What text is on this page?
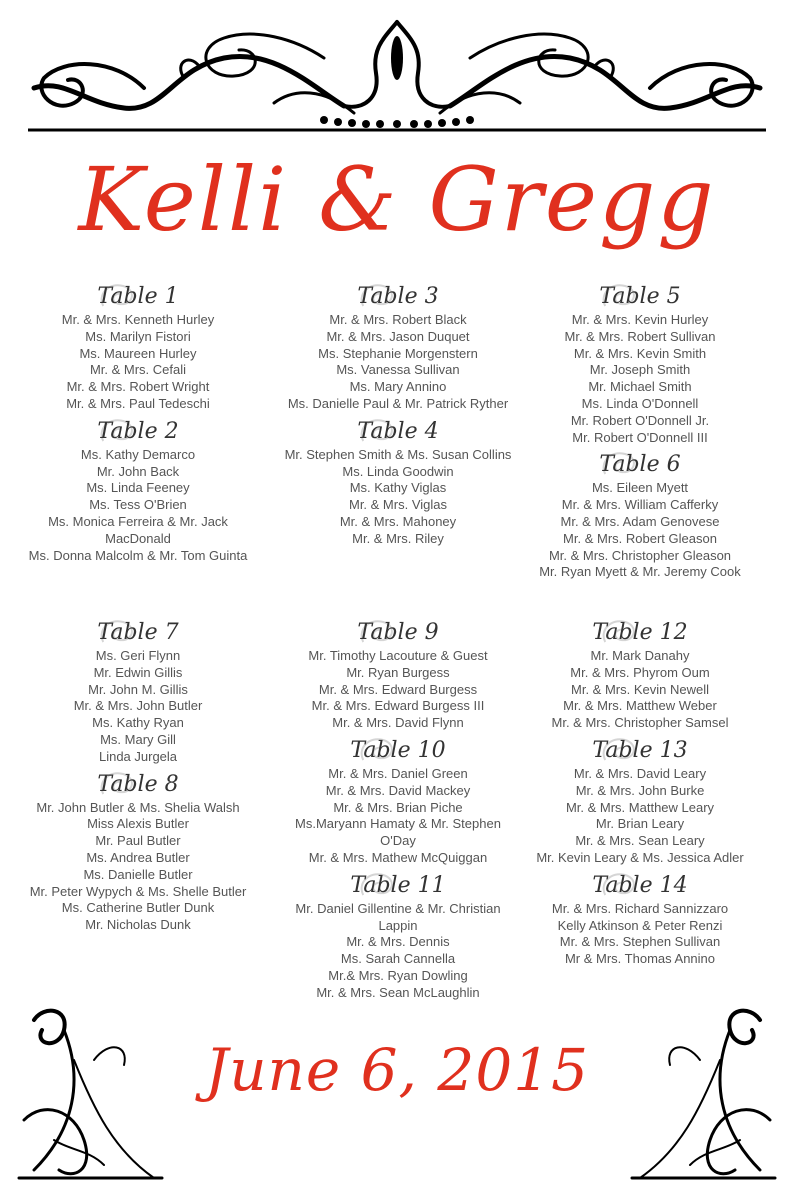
Kelli & Gregg
Table 1
Mr. & Mrs. Kenneth Hurley
Ms. Marilyn Fistori
Ms. Maureen Hurley
Mr. & Mrs. Cefali
Mr. & Mrs. Robert Wright
Mr. & Mrs. Paul Tedeschi
Table 2
Ms. Kathy Demarco
Mr. John Back
Ms. Linda Feeney
Ms. Tess O'Brien
Ms. Monica Ferreira & Mr. Jack
MacDonald
Ms. Donna Malcolm & Mr. Tom Guinta
Table 3
Mr. & Mrs. Robert Black
Mr. & Mrs. Jason Duquet
Ms. Stephanie Morgenstern
Ms. Vanessa Sullivan
Ms. Mary Annino
Ms. Danielle Paul & Mr. Patrick Ryther
Table 4
Mr. Stephen Smith & Ms. Susan Collins
Ms. Linda Goodwin
Ms. Kathy Viglas
Mr. & Mrs. Viglas
Mr. & Mrs. Mahoney
Mr. & Mrs. Riley
Table 5
Mr. & Mrs. Kevin Hurley
Mr. & Mrs. Robert Sullivan
Mr. & Mrs. Kevin Smith
Mr. Joseph Smith
Mr. Michael Smith
Ms. Linda O'Donnell
Mr. Robert O'Donnell Jr.
Mr. Robert O'Donnell III
Table 6
Ms. Eileen Myett
Mr. & Mrs. William Cafferky
Mr. & Mrs. Adam Genovese
Mr. & Mrs. Robert Gleason
Mr. & Mrs. Christopher Gleason
Mr. Ryan Myett & Mr. Jeremy Cook
Table 7
Ms. Geri Flynn
Mr. Edwin Gillis
Mr. John M. Gillis
Mr. & Mrs. John Butler
Ms. Kathy Ryan
Ms. Mary Gill
Linda Jurgela
Table 8
Mr. John Butler & Ms. Shelia Walsh
Miss Alexis Butler
Mr. Paul Butler
Ms. Andrea Butler
Ms. Danielle Butler
Mr. Peter Wypych & Ms. Shelle Butler
Ms. Catherine Butler Dunk
Mr. Nicholas Dunk
Table 9
Mr. Timothy Lacouture & Guest
Mr. Ryan Burgess
Mr. & Mrs. Edward Burgess
Mr. & Mrs. Edward Burgess III
Mr. & Mrs. David Flynn
Table 10
Mr. & Mrs. Daniel Green
Mr. & Mrs. David Mackey
Mr. & Mrs. Brian Piche
Ms.Maryann Hamaty & Mr. Stephen
O'Day
Mr. & Mrs. Mathew McQuiggan
Table 11
Mr. Daniel Gillentine & Mr. Christian
Lappin
Mr. & Mrs. Dennis
Ms. Sarah Cannella
Mr.& Mrs. Ryan Dowling
Mr. & Mrs. Sean McLaughlin
Table 12
Mr. Mark Danahy
Mr. & Mrs. Phyrom Oum
Mr. & Mrs. Kevin Newell
Mr. & Mrs. Matthew Weber
Mr. & Mrs. Christopher Samsel
Table 13
Mr. & Mrs. David Leary
Mr. & Mrs. John Burke
Mr. & Mrs. Matthew Leary
Mr. Brian Leary
Mr. & Mrs. Sean Leary
Mr. Kevin Leary & Ms. Jessica Adler
Table 14
Mr. & Mrs. Richard Sannizzaro
Kelly Atkinson & Peter Renzi
Mr. & Mrs. Stephen Sullivan
Mr & Mrs. Thomas Annino
June 6, 2015
